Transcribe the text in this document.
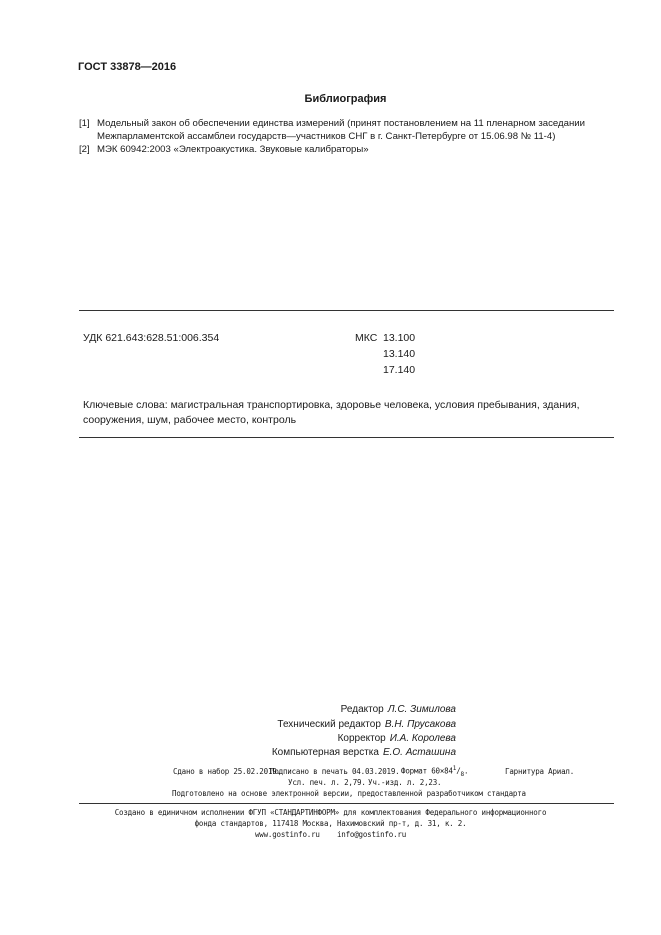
ГОСТ 33878—2016
Библиография
[1] Модельный закон об обеспечении единства измерений (принят постановлением на 11 пленарном заседании
Межпарламентской ассамблеи государств—участников СНГ в г. Санкт-Петербурге от 15.06.98 № 11-4)
[2] МЭК 60942:2003 «Электроакустика. Звуковые калибраторы»
УДК 621.643:628.51:006.354	МКС 13.100
13.140
17.140
Ключевые слова: магистральная транспортировка, здоровье человека, условия пребывания, здания, сооружения, шум, рабочее место, контроль
Редактор Л.С. Зимилова
Технический редактор В.Н. Прусакова
Корректор И.А. Королева
Компьютерная верстка Е.О. Асташина
Сдано в набор 25.02.2019.
Подписано в печать 04.03.2019. Формат $60\times 84^1/_8$.	Гарнитура Ариал.
Усл. печ. л. 2,79. Уч.-изд. л. 2,23.
Подготовлено на основе электронной версии, предоставленной разработчиком стандарта
Создано в единичном исполнении ФГУП «СТАНДАРТИНФОРМ» для комплектования Федерального информационного
фонда стандартов, 117418 Москва, Нахимовский пр-т, д. 31, к. 2.
www.gostinfo.ru info@gostinfo.ru
